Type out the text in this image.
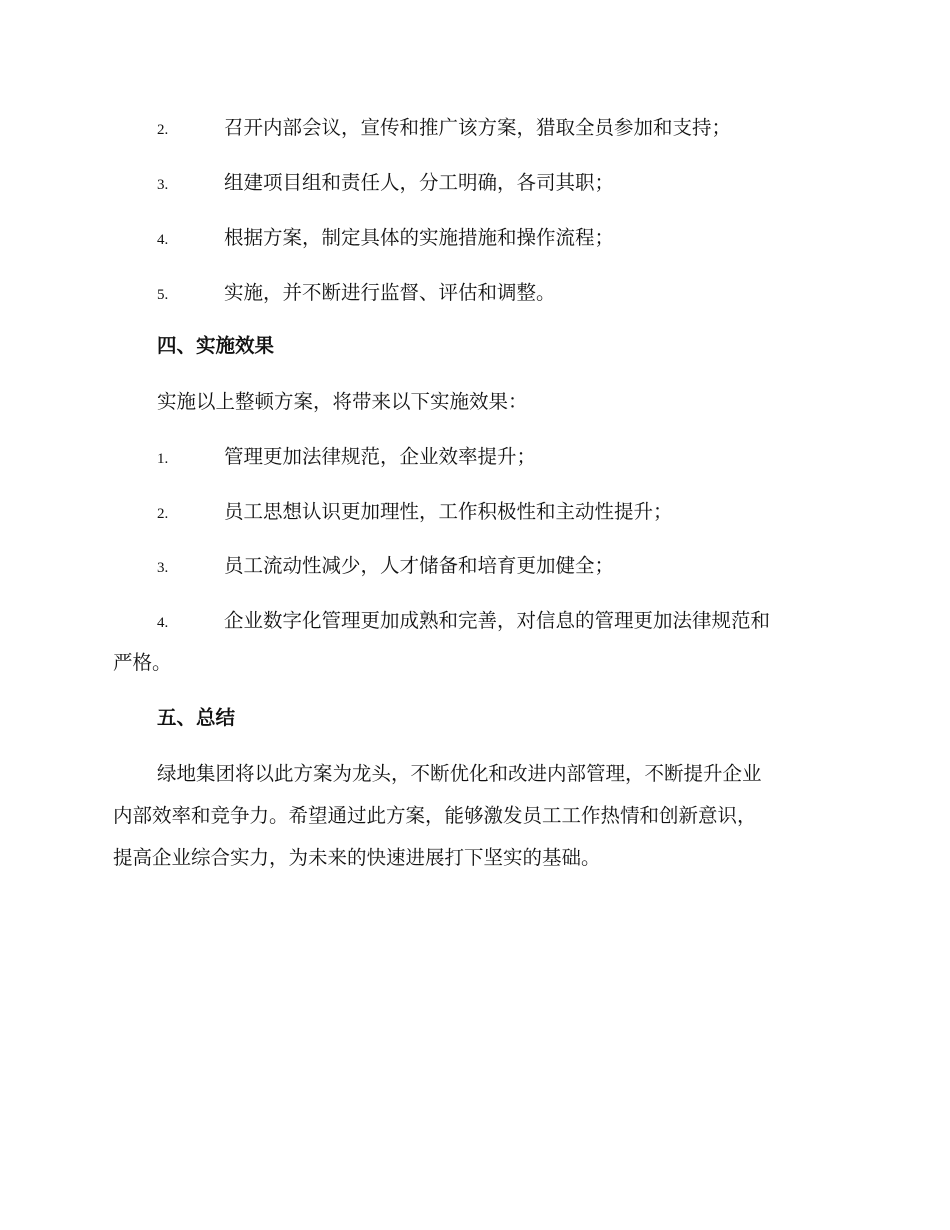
2.	召开内部会议，宣传和推广该方案，猎取全员参加和支持；
3.	组建项目组和责任人，分工明确，各司其职；
4.	根据方案，制定具体的实施措施和操作流程；
5.	实施，并不断进行监督、评估和调整。
四、实施效果
实施以上整顿方案，将带来以下实施效果：
1.	管理更加法律规范，企业效率提升；
2.	员工思想认识更加理性，工作积极性和主动性提升；
3.	员工流动性减少，人才储备和培育更加健全；
4.	企业数字化管理更加成熟和完善，对信息的管理更加法律规范和
严格。
五、总结
绿地集团将以此方案为龙头，不断优化和改进内部管理，不断提升企业
内部效率和竞争力。希望通过此方案，能够激发员工工作热情和创新意识，
提高企业综合实力，为未来的快速进展打下坚实的基础。
